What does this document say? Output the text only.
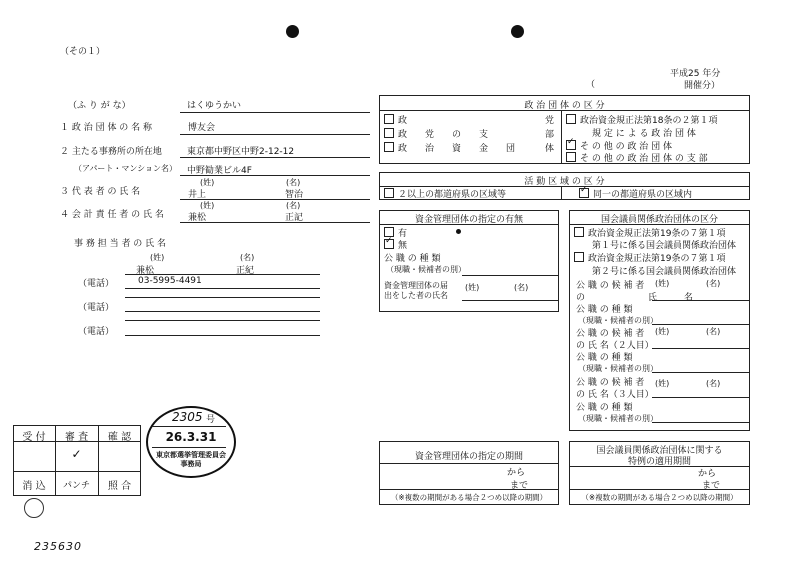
（その１）
平成25 年分
（	開催分）
（ふ り が な）	はくゆうかい
１ 政 治 団 体 の 名 称	博友会
２ 主たる事務所の所在地	東京都中野区中野2-12-12
（アパート・マンション名） 中野勧業ビル4F
(姓)	(名)
３ 代 表 者 の 氏 名	井上	智治
(姓)	(名)
４ 会 計 責 任 者 の 氏 名	兼松	正記
事 務 担 当 者 の 氏 名
(姓)	(名)
兼松	正紀
（電話）	03-5995-4491
（電話）
（電話）
政 治 団 体 の 区 分
政	党
政　　党　　の　　支	部
政　　治　　資　　金　　団	体
政治資金規正法第18条の２第１項
規 定 に よ る 政 治 団 体
✓そ の 他 の 政 治 団 体
そ の 他 の 政 治 団 体 の 支 部
活 動 区 域 の 区 分
２以上の都道府県の区域等
✓	同一の都道府県の区域内
資金管理団体の指定の有無
有
✓無
公 職 の 種 類
（現職・候補者の別）
資金管理団体の届
出をした者の氏名
(姓)	(名)
国会議員関係政治団体の区分
政治資金規正法第19条の７第１項
第１号に係る国会議員関係政治団体
政治資金規正法第19条の７第１項
第２号に係る国会議員関係政治団体
公 職 の 候 補 者
の　　　　　　　氏　　　名
(姓)	(名)
公 職 の 種 類
（現職・候補者の別）
公 職 の 候 補 者
の 氏 名（２人目）
(姓)	(名)
公 職 の 種 類
（現職・候補者の別）
公 職 の 候 補 者
の 氏 名（３人目）
(姓)	(名)
公 職 の 種 類
（現職・候補者の別）
受 付	審 査	確 認
✓
消 込	パンチ	照 合
2305 号
26.3.31
東京都選挙管理委員会
事務局
資金管理団体の指定の期間
から
まで
（※複数の期間がある場合２つめ以降の期間）
国会議員関係政治団体に関する
特例の適用期間
から
まで
（※複数の期間がある場合２つめ以降の期間）
235630
